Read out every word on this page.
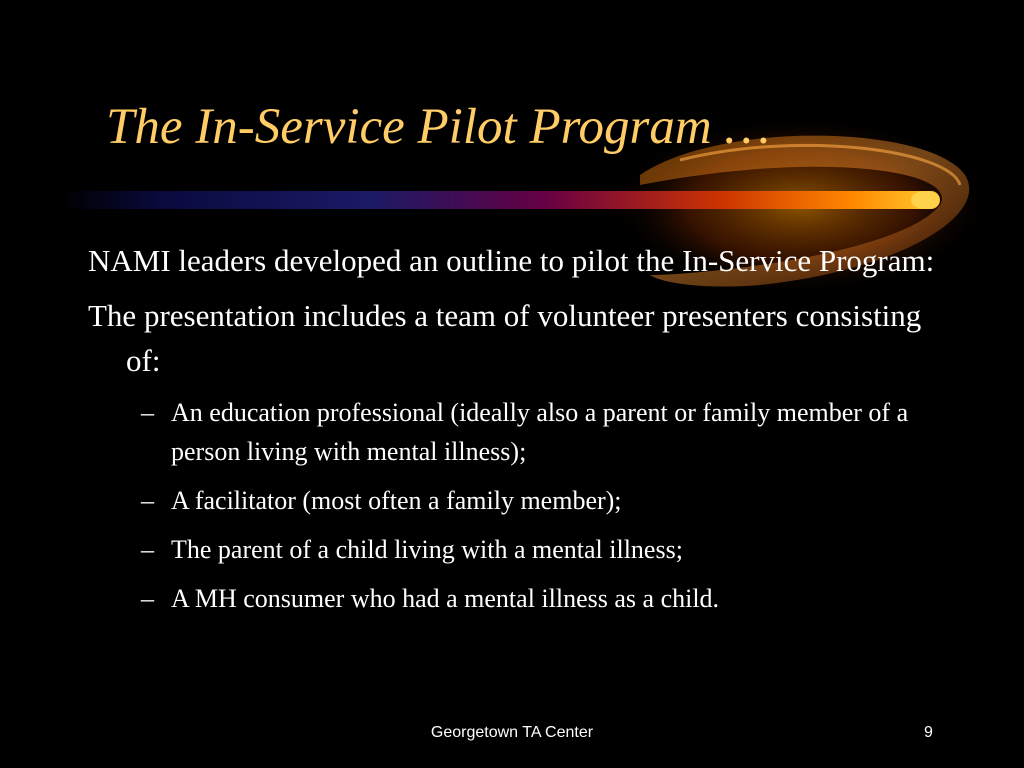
The In-Service Pilot Program …

NAMI leaders developed an outline to pilot the In-Service Program:

The presentation includes a team of volunteer presenters consisting of:

– An education professional (ideally also a parent or family member of a person living with mental illness);
– A facilitator (most often a family member);
– The parent of a child living with a mental illness;
– A MH consumer who had a mental illness as a child.
Georgetown TA Center	9
